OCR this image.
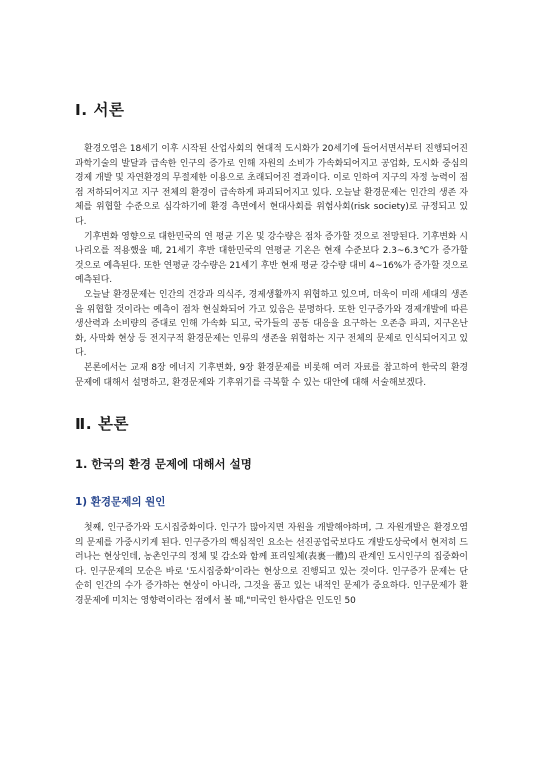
Ⅰ. 서론

환경오염은 18세기 이후 시작된 산업사회의 현대적 도시화가 20세기에 들어서면서부터 진행되어진 과학기술의 발달과 급속한 인구의 증가로 인해 자원의 소비가 가속화되어지고 공업화, 도시화 중심의 경제 개발 및 자연환경의 무절제한 이용으로 초래되어진 결과이다. 이로 인하여 지구의 자정 능력이 점점 저하되어지고 지구 전체의 환경이 급속하게 파괴되어지고 있다. 오늘날 환경문제는 인간의 생존 자체를 위협할 수준으로 심각하기에 환경 측면에서 현대사회를 위험사회(risk society)로 규정되고 있다.

기후변화 영향으로 대한민국의 연 평균 기온 및 강수량은 점차 증가할 것으로 전망된다. 기후변화 시나리오를 적용했을 때, 21세기 후반 대한민국의 연평균 기온은 현재 수준보다 2.3~6.3℃가 증가할 것으로 예측된다. 또한 연평균 강수량은 21세기 후반 현재 평균 강수량 대비 4~16%가 증가할 것으로 예측된다.

오늘날 환경문제는 인간의 건강과 의식주, 경제생활까지 위협하고 있으며, 더욱이 미래 세대의 생존을 위협할 것이라는 예측이 점차 현실화되어 가고 있음은 분명하다. 또한 인구증가와 경제개발에 따른 생산력과 소비량의 증대로 인해 가속화 되고, 국가들의 공동 대응을 요구하는 오존층 파괴, 지구온난화, 사막화 현상 등 전지구적 환경문제는 인류의 생존을 위협하는 지구 전체의 문제로 인식되어지고 있다.

본론에서는 교재 8장 에너지 기후변화, 9장 환경문제를 비롯해 여러 자료를 참고하여 한국의 환경 문제에 대해서 설명하고, 환경문제와 기후위기를 극복할 수 있는 대안에 대해 서술해보겠다.

Ⅱ. 본론
1. 한국의 환경 문제에 대해서 설명
1) 환경문제의 원인

첫째, 인구증가와 도시집중화이다. 인구가 많아지면 자원을 개발해야하며, 그 자원개발은 환경오염의 문제를 가중시키게 된다. 인구증가의 핵심적인 요소는 선진공업국보다도 개발도상국에서 현저히 드러나는 현상인데, 농촌인구의 정체 및 감소와 함께 표리일체(表裏一體)의 관계인 도시인구의 집중화이다. 인구문제의 모순은 바로 '도시집중화'이라는 현상으로 진행되고 있는 것이다. 인구증가 문제는 단순히 인간의 수가 증가하는 현상이 아니라, 그것을 품고 있는 내적인 문제가 중요하다. 인구문제가 환경문제에 미치는 영향력이라는 점에서 볼 때,"미국인 한사람은 인도인 50
